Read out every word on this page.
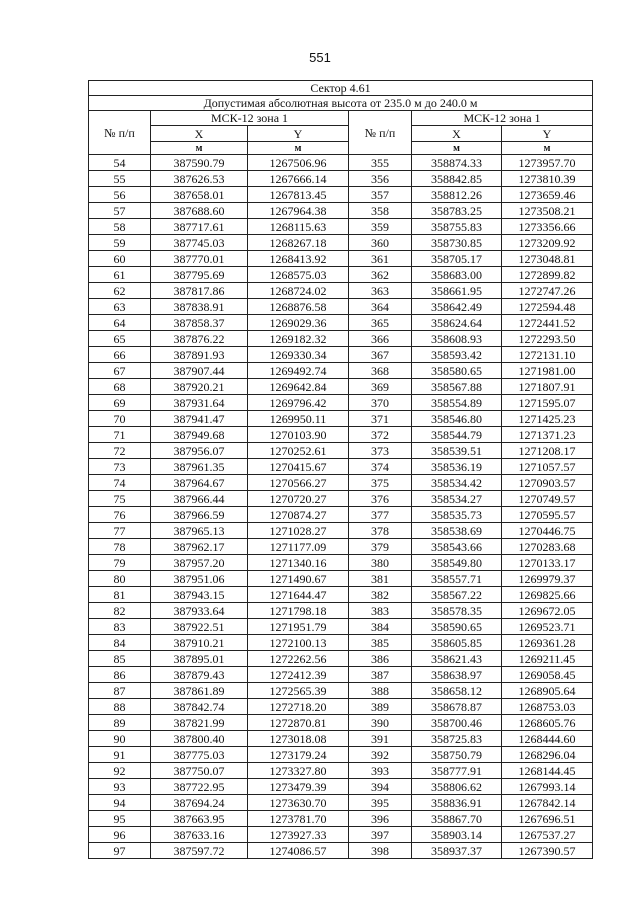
551
Сектор 4.61					
Допустимая абсолютная высота от 235.0 м до 240.0 м					
№ п/п	МСК-12 зона 1		№ п/п	МСК-12 зона 1	
	X	Y		X	Y
	м	м		м	м
54	387590.79	1267506.96	355	358874.33	1273957.70
55	387626.53	1267666.14	356	358842.85	1273810.39
56	387658.01	1267813.45	357	358812.26	1273659.46
57	387688.60	1267964.38	358	358783.25	1273508.21
58	387717.61	1268115.63	359	358755.83	1273356.66
59	387745.03	1268267.18	360	358730.85	1273209.92
60	387770.01	1268413.92	361	358705.17	1273048.81
61	387795.69	1268575.03	362	358683.00	1272899.82
62	387817.86	1268724.02	363	358661.95	1272747.26
63	387838.91	1268876.58	364	358642.49	1272594.48
64	387858.37	1269029.36	365	358624.64	1272441.52
65	387876.22	1269182.32	366	358608.93	1272293.50
66	387891.93	1269330.34	367	358593.42	1272131.10
67	387907.44	1269492.74	368	358580.65	1271981.00
68	387920.21	1269642.84	369	358567.88	1271807.91
69	387931.64	1269796.42	370	358554.89	1271595.07
70	387941.47	1269950.11	371	358546.80	1271425.23
71	387949.68	1270103.90	372	358544.79	1271371.23
72	387956.07	1270252.61	373	358539.51	1271208.17
73	387961.35	1270415.67	374	358536.19	1271057.57
74	387964.67	1270566.27	375	358534.42	1270903.57
75	387966.44	1270720.27	376	358534.27	1270749.57
76	387966.59	1270874.27	377	358535.73	1270595.57
77	387965.13	1271028.27	378	358538.69	1270446.75
78	387962.17	1271177.09	379	358543.66	1270283.68
79	387957.20	1271340.16	380	358549.80	1270133.17
80	387951.06	1271490.67	381	358557.71	1269979.37
81	387943.15	1271644.47	382	358567.22	1269825.66
82	387933.64	1271798.18	383	358578.35	1269672.05
83	387922.51	1271951.79	384	358590.65	1269523.71
84	387910.21	1272100.13	385	358605.85	1269361.28
85	387895.01	1272262.56	386	358621.43	1269211.45
86	387879.43	1272412.39	387	358638.97	1269058.45
87	387861.89	1272565.39	388	358658.12	1268905.64
88	387842.74	1272718.20	389	358678.87	1268753.03
89	387821.99	1272870.81	390	358700.46	1268605.76
90	387800.40	1273018.08	391	358725.83	1268444.60
91	387775.03	1273179.24	392	358750.79	1268296.04
92	387750.07	1273327.80	393	358777.91	1268144.45
93	387722.95	1273479.39	394	358806.62	1267993.14
94	387694.24	1273630.70	395	358836.91	1267842.14
95	387663.95	1273781.70	396	358867.70	1267696.51
96	387633.16	1273927.33	397	358903.14	1267537.27
97	387597.72	1274086.57	398	358937.37	1267390.57
